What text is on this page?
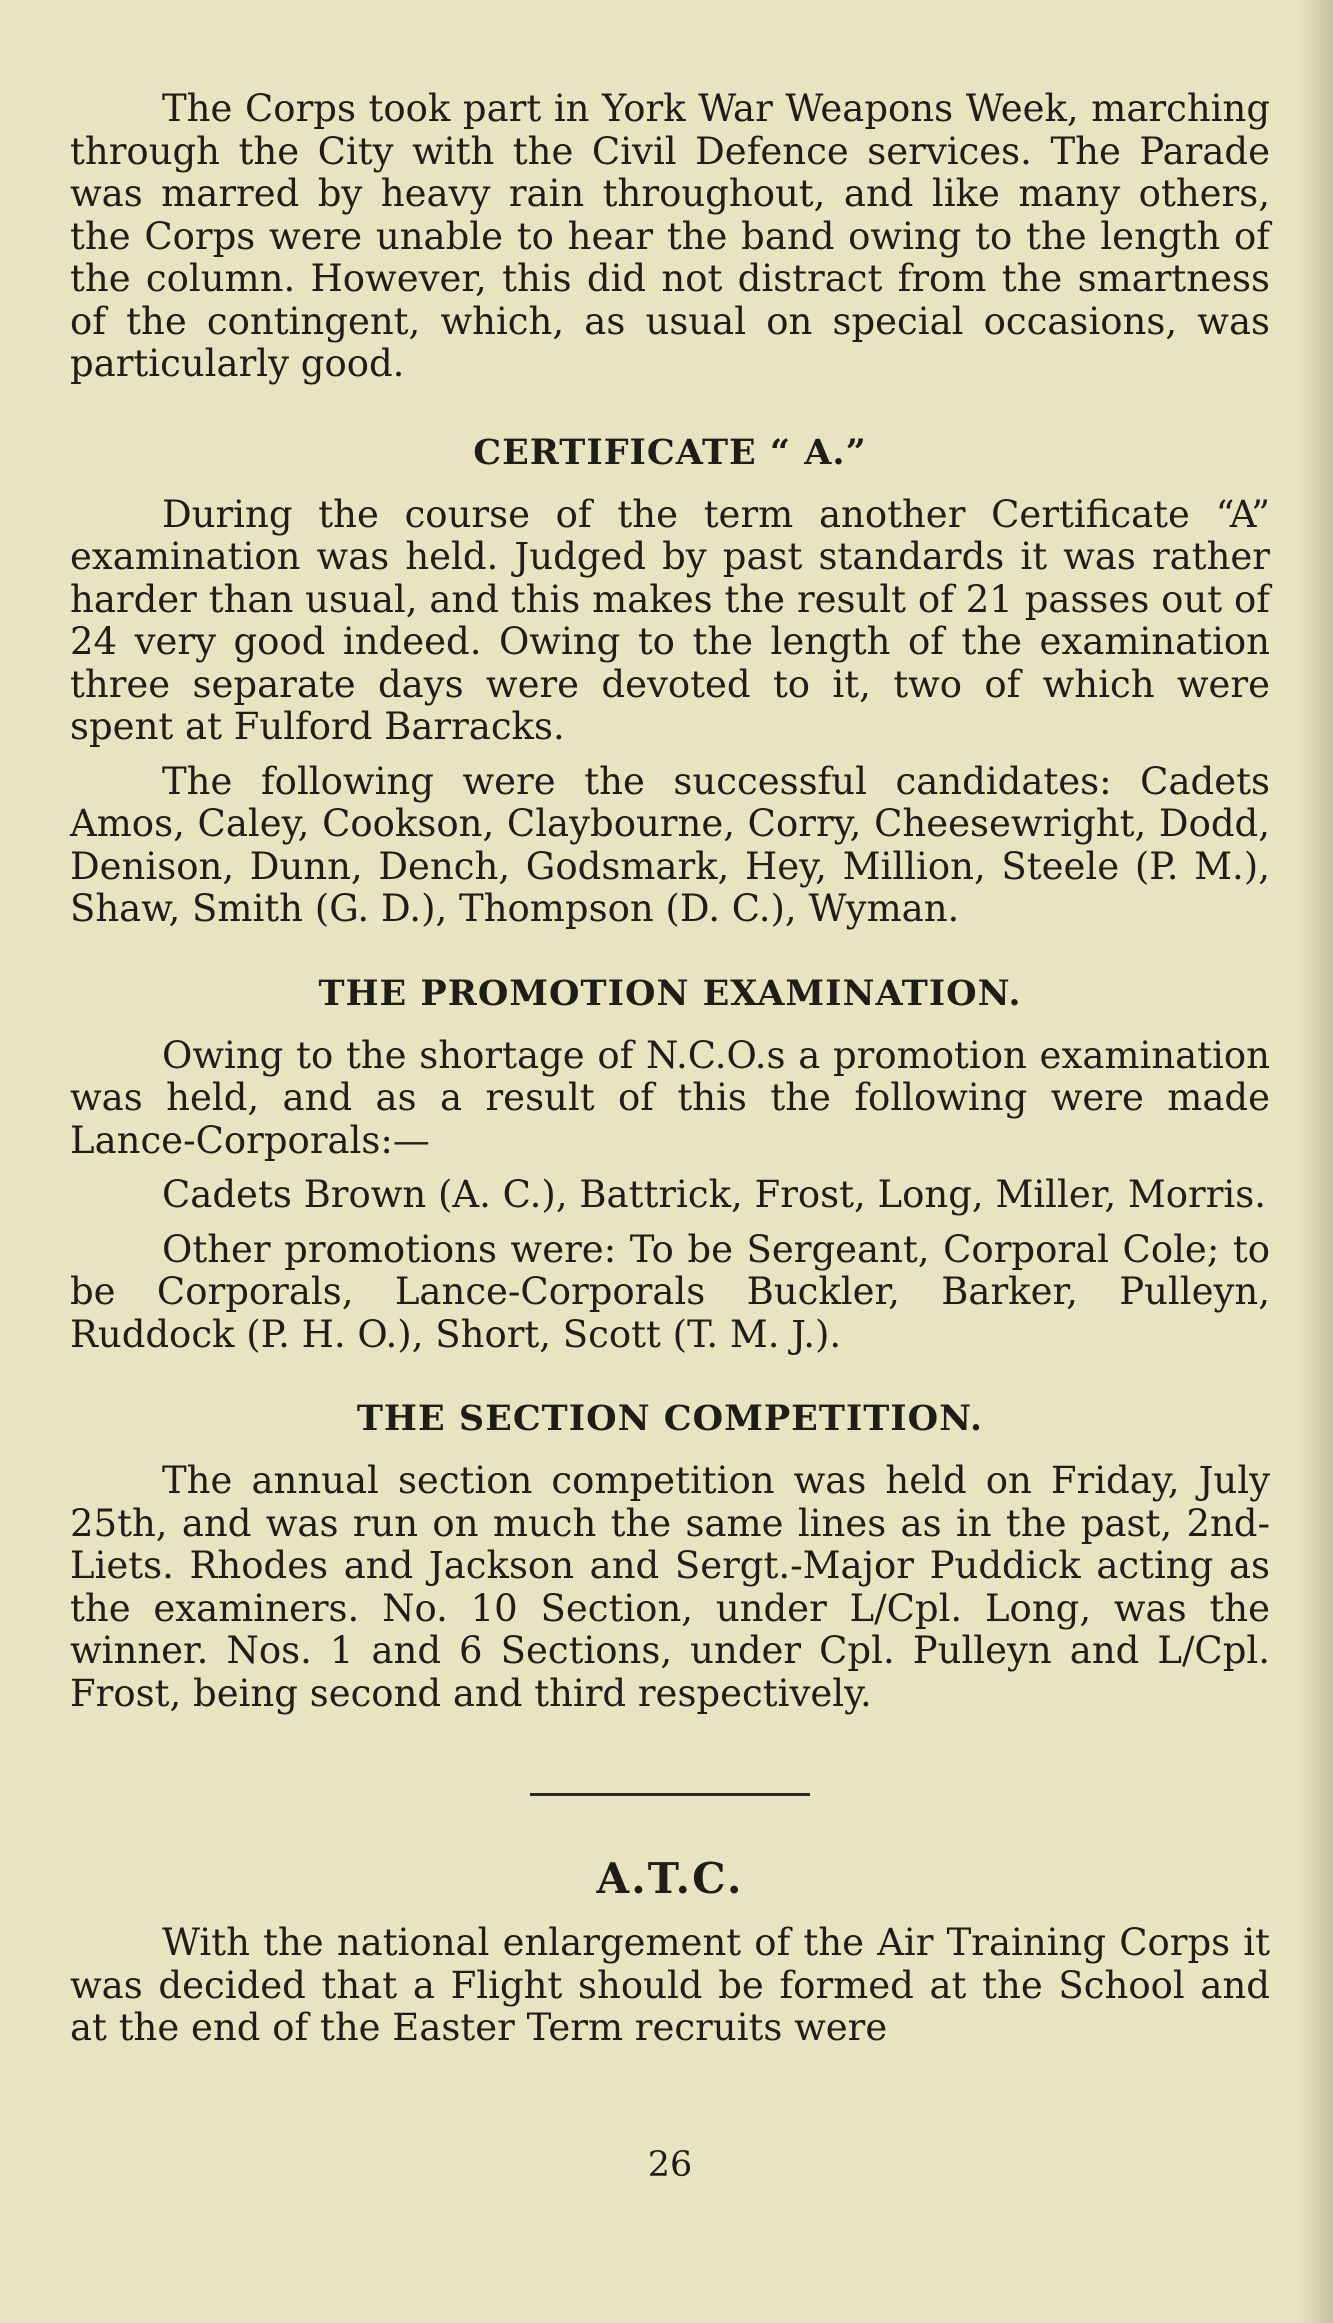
The Corps took part in York War Weapons Week, marching through the City with the Civil Defence services. The Parade was marred by heavy rain throughout, and like many others, the Corps were unable to hear the band owing to the length of the column. However, this did not distract from the smartness of the contingent, which, as usual on special occasions, was particularly good.

CERTIFICATE “ A.”

During the course of the term another Certificate “A” examination was held. Judged by past standards it was rather harder than usual, and this makes the result of 21 passes out of 24 very good indeed. Owing to the length of the examination three separate days were devoted to it, two of which were spent at Fulford Barracks.

The following were the successful candidates: Cadets Amos, Caley, Cookson, Claybourne, Corry, Cheesewright, Dodd, Denison, Dunn, Dench, Godsmark, Hey, Million, Steele (P. M.), Shaw, Smith (G. D.), Thompson (D. C.), Wyman.

THE PROMOTION EXAMINATION.

Owing to the shortage of N.C.O.s a promotion examination was held, and as a result of this the following were made Lance-Corporals:—

Cadets Brown (A. C.), Battrick, Frost, Long, Miller, Morris.

Other promotions were: To be Sergeant, Corporal Cole; to be Corporals, Lance-Corporals Buckler, Barker, Pulleyn, Ruddock (P. H. O.), Short, Scott (T. M. J.).

THE SECTION COMPETITION.

The annual section competition was held on Friday, July 25th, and was run on much the same lines as in the past, 2nd-Liets. Rhodes and Jackson and Sergt.-Major Puddick acting as the examiners. No. 10 Section, under L/Cpl. Long, was the winner. Nos. 1 and 6 Sections, under Cpl. Pulleyn and L/Cpl. Frost, being second and third respectively.

A.T.C.

With the national enlargement of the Air Training Corps it was decided that a Flight should be formed at the School and at the end of the Easter Term recruits were

26
